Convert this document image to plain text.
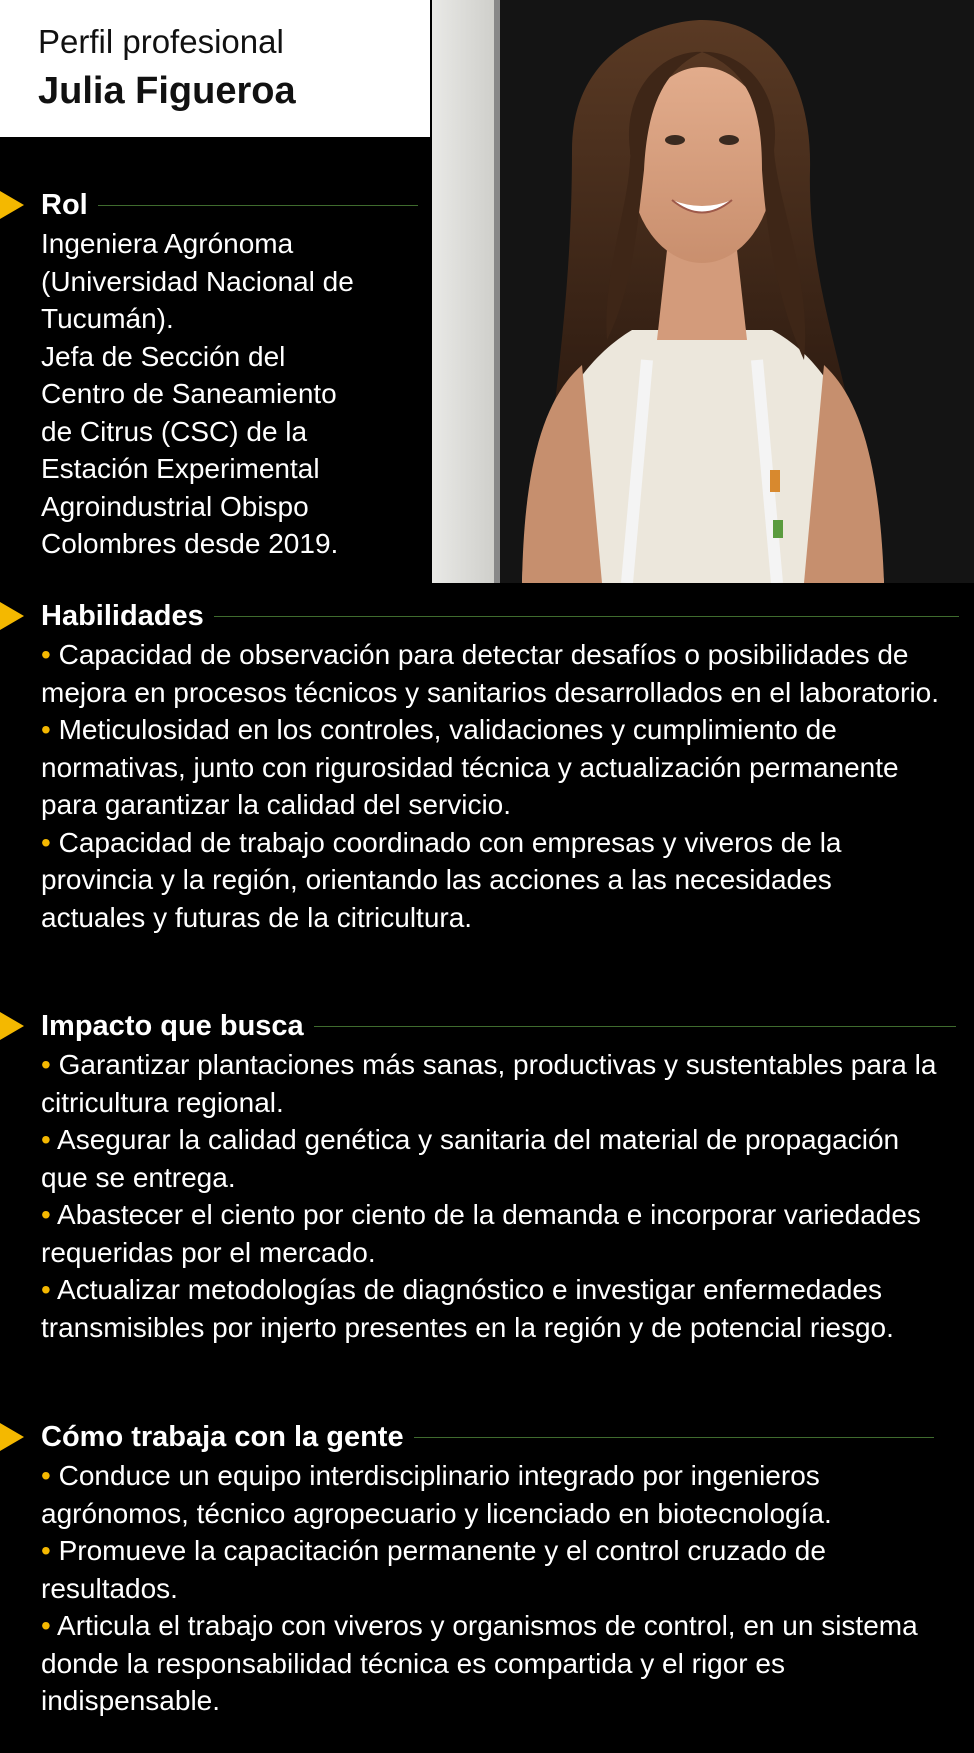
Perfil profesional
Julia Figueroa
Rol
Ingeniera Agrónoma
(Universidad Nacional de
Tucumán).
Jefa de Sección del
Centro de Saneamiento
de Citrus (CSC) de la
Estación Experimental
Agroindustrial Obispo
Colombres desde 2019.
Habilidades
• Capacidad de observación para detectar desafíos o posibilidades de mejora en procesos técnicos y sanitarios desarrollados en el laboratorio.
• Meticulosidad en los controles, validaciones y cumplimiento de normativas, junto con rigurosidad técnica y actualización permanente para garantizar la calidad del servicio.
• Capacidad de trabajo coordinado con empresas y viveros de la provincia y la región, orientando las acciones a las necesidades actuales y futuras de la citricultura.
Impacto que busca
• Garantizar plantaciones más sanas, productivas y sustentables para la citricultura regional.
• Asegurar la calidad genética y sanitaria del material de propagación que se entrega.
• Abastecer el ciento por ciento de la demanda e incorporar variedades requeridas por el mercado.
• Actualizar metodologías de diagnóstico e investigar enfermedades transmisibles por injerto presentes en la región y de potencial riesgo.
Cómo trabaja con la gente
• Conduce un equipo interdisciplinario integrado por ingenieros agrónomos, técnico agropecuario y licenciado en biotecnología.
• Promueve la capacitación permanente y el control cruzado de resultados.
• Articula el trabajo con viveros y organismos de control, en un sistema donde la responsabilidad técnica es compartida y el rigor es indispensable.
